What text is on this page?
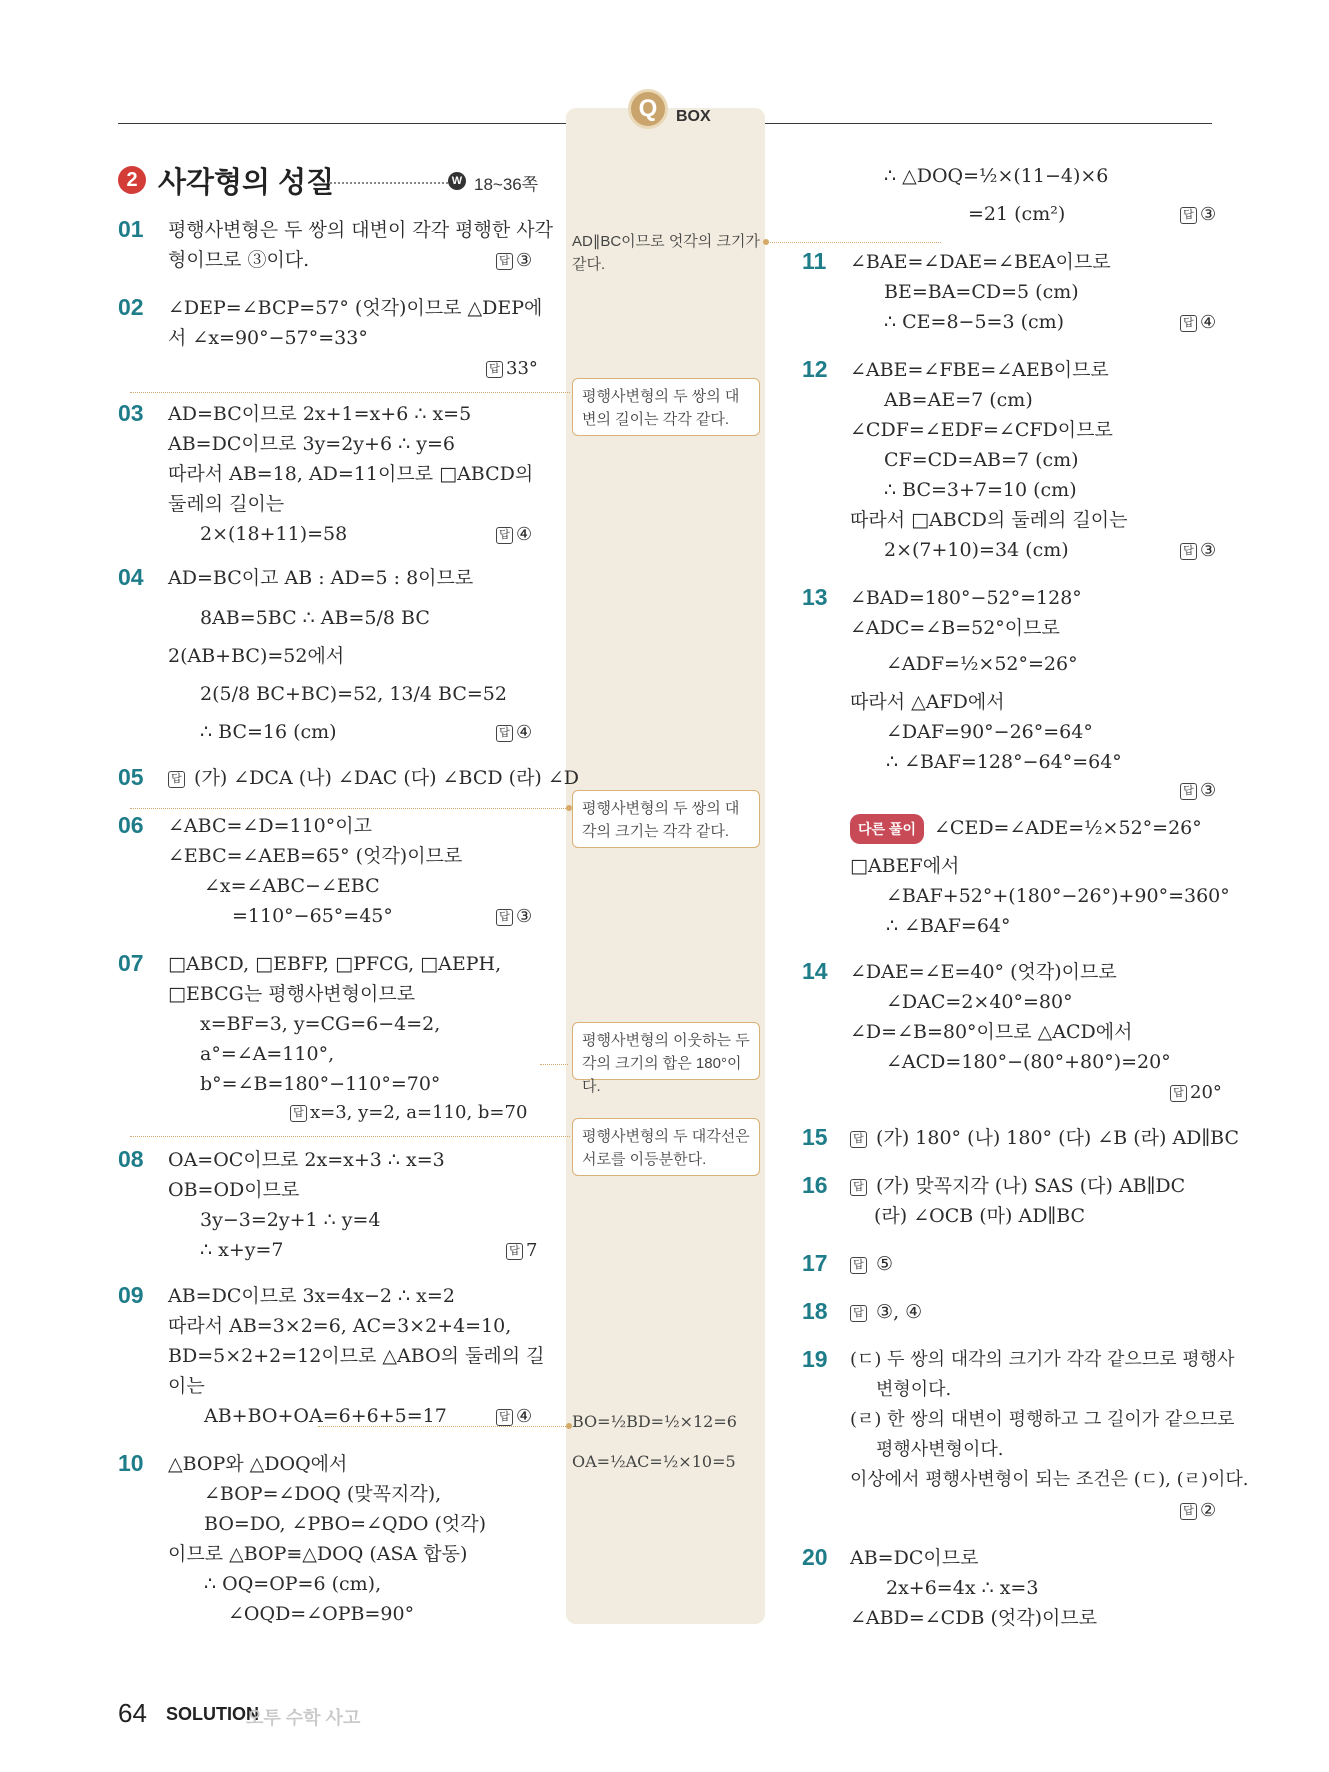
Q	BOX
2 사각형의 성질	W 18~36쪽
AD∥BC이므로 엇각의 크기가 같다.
평행사변형의 두 쌍의 대변의 길이는 각각 같다.
평행사변형의 두 쌍의 대각의 크기는 각각 같다.
평행사변형의 이웃하는 두 각의 크기의 합은 180°이다.
평행사변형의 두 대각선은 서로를 이등분한다.
BO=½BD=½×12=6
OA=½AC=½×10=5
01 평행사변형은 두 쌍의 대변이 각각 평행한 사각
형이므로 ③이다.	답 ③
02 ∠DEP=∠BCP=57° (엇각)이므로 △DEP에
서 ∠x=90°−57°=33°
답 33°
03 AD=BC이므로 2x+1=x+6 ∴ x=5
AB=DC이므로 3y=2y+6 ∴ y=6
따라서 AB=18, AD=11이므로 □ABCD의
둘레의 길이는
2×(18+11)=58	답 ④
04 AD=BC이고 AB : AD=5 : 8이므로
8AB=5BC ∴ AB=5/8 BC
2(AB+BC)=52에서
2(5/8 BC+BC)=52, 13/4 BC=52
∴ BC=16 (cm)	답 ④
05	답 (가) ∠DCA (나) ∠DAC (다) ∠BCD (라) ∠D
06 ∠ABC=∠D=110°이고
∠EBC=∠AEB=65° (엇각)이므로
∠x=∠ABC−∠EBC
=110°−65°=45°	답 ③
07 □ABCD, □EBFP, □PFCG, □AEPH,
□EBCG는 평행사변형이므로
x=BF=3, y=CG=6−4=2,
a°=∠A=110°,
b°=∠B=180°−110°=70°
답 x=3, y=2, a=110, b=70
08 OA=OC이므로 2x=x+3 ∴ x=3
OB=OD이므로
3y−3=2y+1 ∴ y=4
∴ x+y=7	답 7
09 AB=DC이므로 3x=4x−2 ∴ x=2
따라서 AB=3×2=6, AC=3×2+4=10,
BD=5×2+2=12이므로 △ABO의 둘레의 길
이는
AB+BO+OA=6+6+5=17	답 ④
10 △BOP와 △DOQ에서
∠BOP=∠DOQ (맞꼭지각),
BO=DO, ∠PBO=∠QDO (엇각)
이므로 △BOP≡△DOQ (ASA 합동)
∴ OQ=OP=6 (cm),
∠OQD=∠OPB=90°
∴ △DOQ=½×(11−4)×6
=21 (cm²)	답 ③
11 ∠BAE=∠DAE=∠BEA이므로
BE=BA=CD=5 (cm)
∴ CE=8−5=3 (cm)	답 ④
12 ∠ABE=∠FBE=∠AEB이므로
AB=AE=7 (cm)
∠CDF=∠EDF=∠CFD이므로
CF=CD=AB=7 (cm)
∴ BC=3+7=10 (cm)
따라서 □ABCD의 둘레의 길이는
2×(7+10)=34 (cm)	답 ③
13 ∠BAD=180°−52°=128°
∠ADC=∠B=52°이므로
∠ADF=½×52°=26°
따라서 △AFD에서
∠DAF=90°−26°=64°
∴ ∠BAF=128°−64°=64°
답 ③
다른 풀이 ∠CED=∠ADE=½×52°=26°
□ABEF에서
∠BAF+52°+(180°−26°)+90°=360°
∴ ∠BAF=64°
14 ∠DAE=∠E=40° (엇각)이므로
∠DAC=2×40°=80°
∠D=∠B=80°이므로 △ACD에서
∠ACD=180°−(80°+80°)=20°
답 20°
15 답 (가) 180° (나) 180° (다) ∠B (라) AD∥BC
16 답 (가) 맞꼭지각 (나) SAS (다) AB∥DC
(라) ∠OCB (마) AD∥BC
17 답 ⑤
18 답 ③, ④
19 (ㄷ) 두 쌍의 대각의 크기가 각각 같으므로 평행사
변형이다.
(ㄹ) 한 쌍의 대변이 평행하고 그 길이가 같으므로
평행사변형이다.
이상에서 평행사변형이 되는 조건은 (ㄷ), (ㄹ)이다.
답 ②
20 AB=DC이므로
2x+6=4x ∴ x=3
∠ABD=∠CDB (엇각)이므로
64 SOLUTION
오투 수학 사고
